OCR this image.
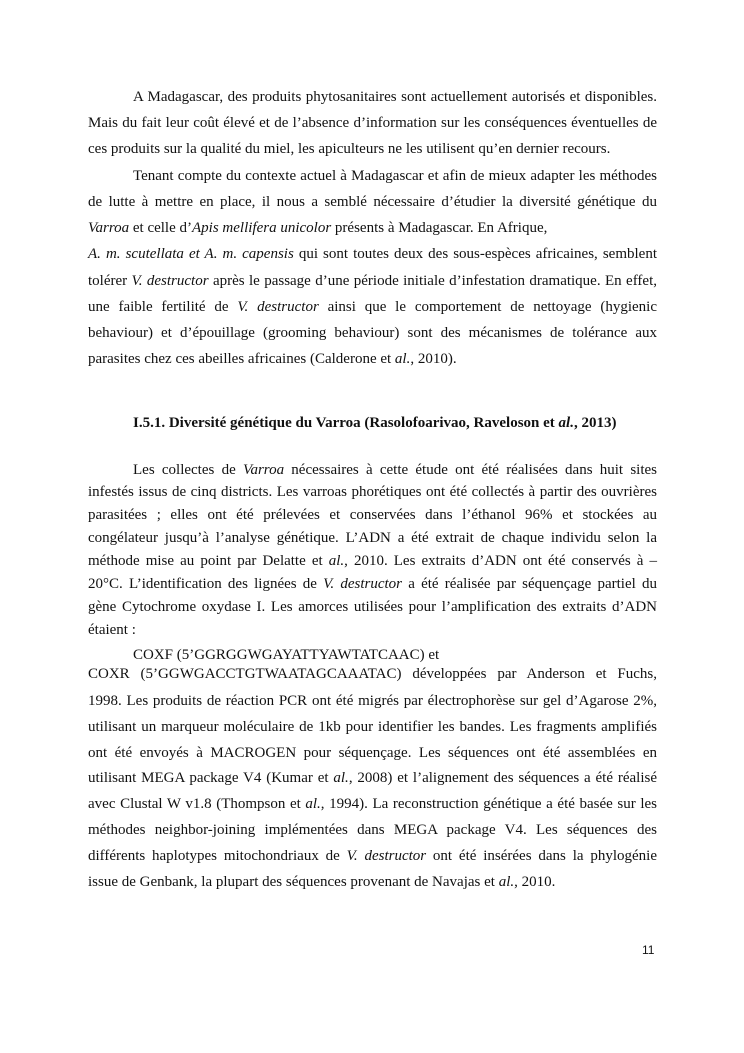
A Madagascar, des produits phytosanitaires sont actuellement autorisés et disponibles.
Mais du fait leur coût élevé et de l’absence d’information sur les conséquences éventuelles de
ces produits sur la qualité du miel, les apiculteurs ne les utilisent qu’en dernier recours.
Tenant compte du contexte actuel à Madagascar et afin de mieux adapter les méthodes
de lutte à mettre en place, il nous a semblé nécessaire d’étudier la diversité génétique du
Varroa et celle d’Apis mellifera unicolor présents à Madagascar. En Afrique,
A. m. scutellata et A. m. capensis qui sont toutes deux des sous-espèces africaines, semblent
tolérer V. destructor après le passage d’une période initiale d’infestation dramatique. En effet,
une faible fertilité de V. destructor ainsi que le comportement de nettoyage (hygienic
behaviour) et d’épouillage (grooming behaviour) sont des mécanismes de tolérance aux
parasites chez ces abeilles africaines (Calderone et al., 2010).
I.5.1. Diversité génétique du Varroa (Rasolofoarivao, Raveloson et al., 2013)
Les collectes de Varroa nécessaires à cette étude ont été réalisées dans huit sites
infestés issus de cinq districts. Les varroas phorétiques ont été collectés à partir des ouvrières
parasitées ; elles ont été prélevées et conservées dans l’éthanol 96% et stockées au
congélateur jusqu’à l’analyse génétique. L’ADN a été extrait de chaque individu selon la
méthode mise au point par Delatte et al., 2010. Les extraits d’ADN ont été conservés à –
20°C. L’identification des lignées de V. destructor a été réalisée par séquençage partiel du
gène Cytochrome oxydase I. Les amorces utilisées pour l’amplification des extraits d’ADN
étaient :
COXF (5’GGRGGWGAYATTYAWTATCAAC) et
COXR (5’GGWGACCTGTWAATAGCAAATAC) développées par Anderson et Fuchs,
1998. Les produits de réaction PCR ont été migrés par électrophorèse sur gel d’Agarose 2%,
utilisant un marqueur moléculaire de 1kb pour identifier les bandes. Les fragments amplifiés
ont été envoyés à MACROGEN pour séquençage. Les séquences ont été assemblées en
utilisant MEGA package V4 (Kumar et al., 2008) et l’alignement des séquences a été réalisé
avec Clustal W v1.8 (Thompson et al., 1994). La reconstruction génétique a été basée sur les
méthodes neighbor-joining implémentées dans MEGA package V4. Les séquences des
différents haplotypes mitochondriaux de V. destructor ont été insérées dans la phylogénie
issue de Genbank, la plupart des séquences provenant de Navajas et al., 2010.
11
